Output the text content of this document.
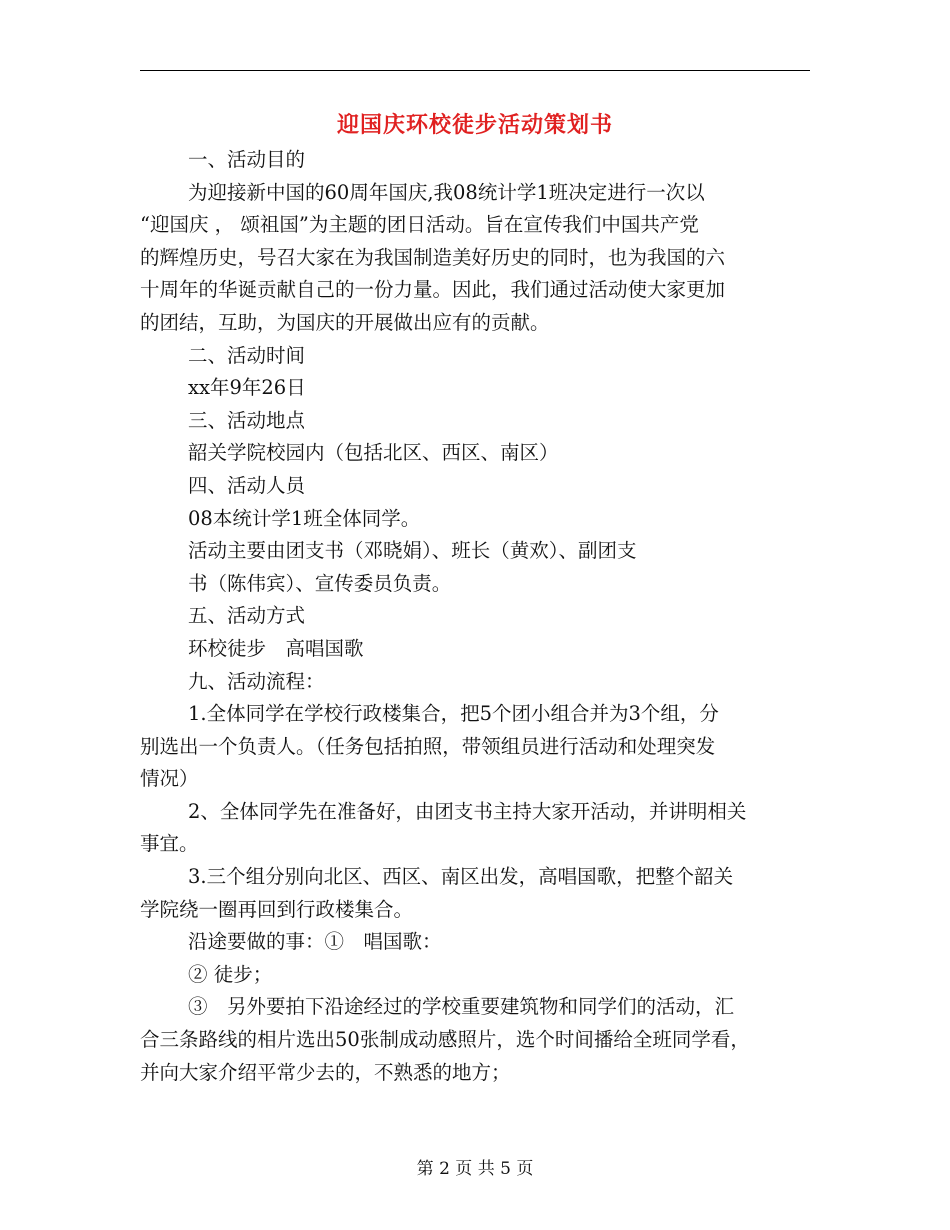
迎国庆环校徒步活动策划书
一、活动目的
为迎接新中国的60周年国庆,我08统计学1班决定进行一次以
“迎国庆 ， 颂祖国”为主题的团日活动。旨在宣传我们中国共产党
的辉煌历史，号召大家在为我国制造美好历史的同时，也为我国的六
十周年的华诞贡献自己的一份力量。因此，我们通过活动使大家更加
的团结，互助，为国庆的开展做出应有的贡献。
二、活动时间
xx年9年26日
三、活动地点
韶关学院校园内（包括北区、西区、南区）
四、活动人员
08本统计学1班全体同学。
活动主要由团支书（邓晓娟）、班长（黄欢）、副团支
书（陈伟宾）、宣传委员负责。
五、活动方式
环校徒步　高唱国歌
九、活动流程：
1.全体同学在学校行政楼集合，把5个团小组合并为3个组，分
别选出一个负责人。（任务包括拍照，带领组员进行活动和处理突发
情况）
2、全体同学先在准备好，由团支书主持大家开活动，并讲明相关
事宜。
3.三个组分别向北区、西区、南区出发，高唱国歌，把整个韶关
学院绕一圈再回到行政楼集合。
沿途要做的事：①　唱国歌：
② 徒步；
③　另外要拍下沿途经过的学校重要建筑物和同学们的活动，汇
合三条路线的相片选出50张制成动感照片，选个时间播给全班同学看，
并向大家介绍平常少去的，不熟悉的地方；
第 2 页 共 5 页
